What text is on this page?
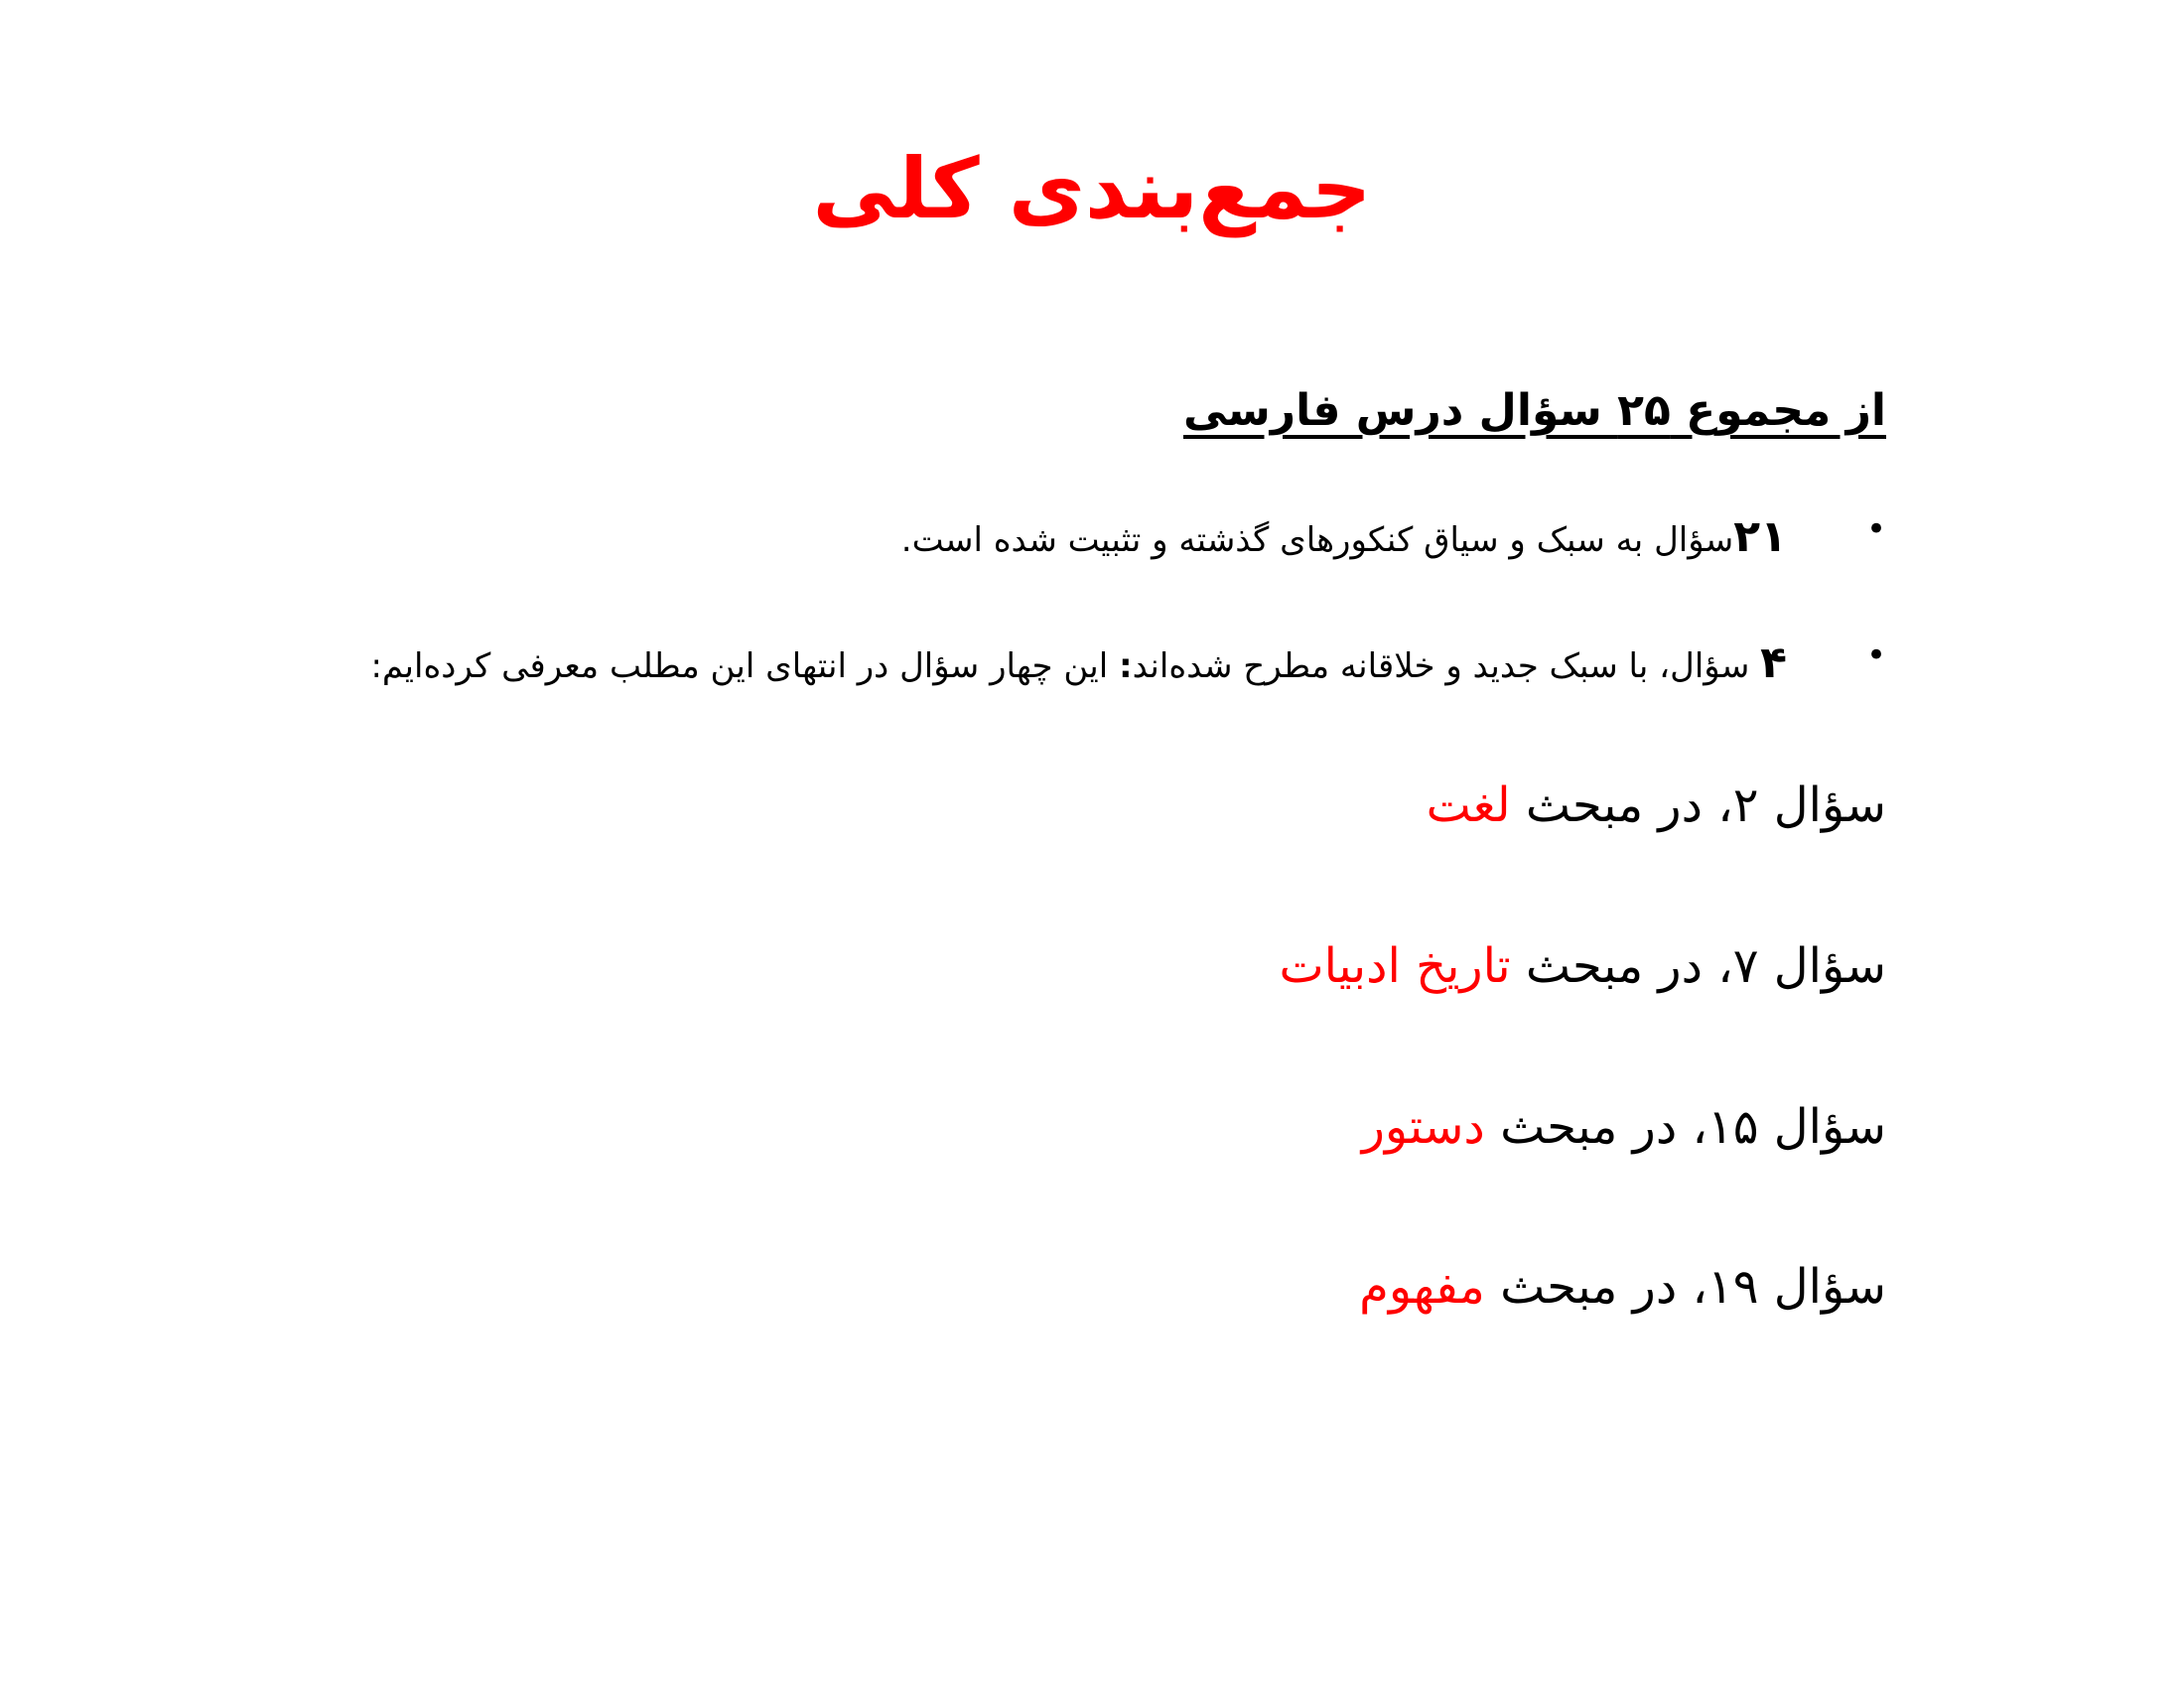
جمع‌بندی کلی
از مجموع ۲۵ سؤال درس فارسی
•
۲۱سؤال به سبک و سیاق کنکورهای گذشته و تثبیت شده است.
•
۴ سؤال، با سبک جدید و خلاقانه مطرح شده‌اند: این چهار سؤال در انتهای این مطلب معرفی کرده‌ایم:
سؤال ۲، در مبحث لغت
سؤال ۷، در مبحث تاریخ ادبیات
سؤال ۱۵، در مبحث دستور
سؤال ۱۹، در مبحث مفهوم
